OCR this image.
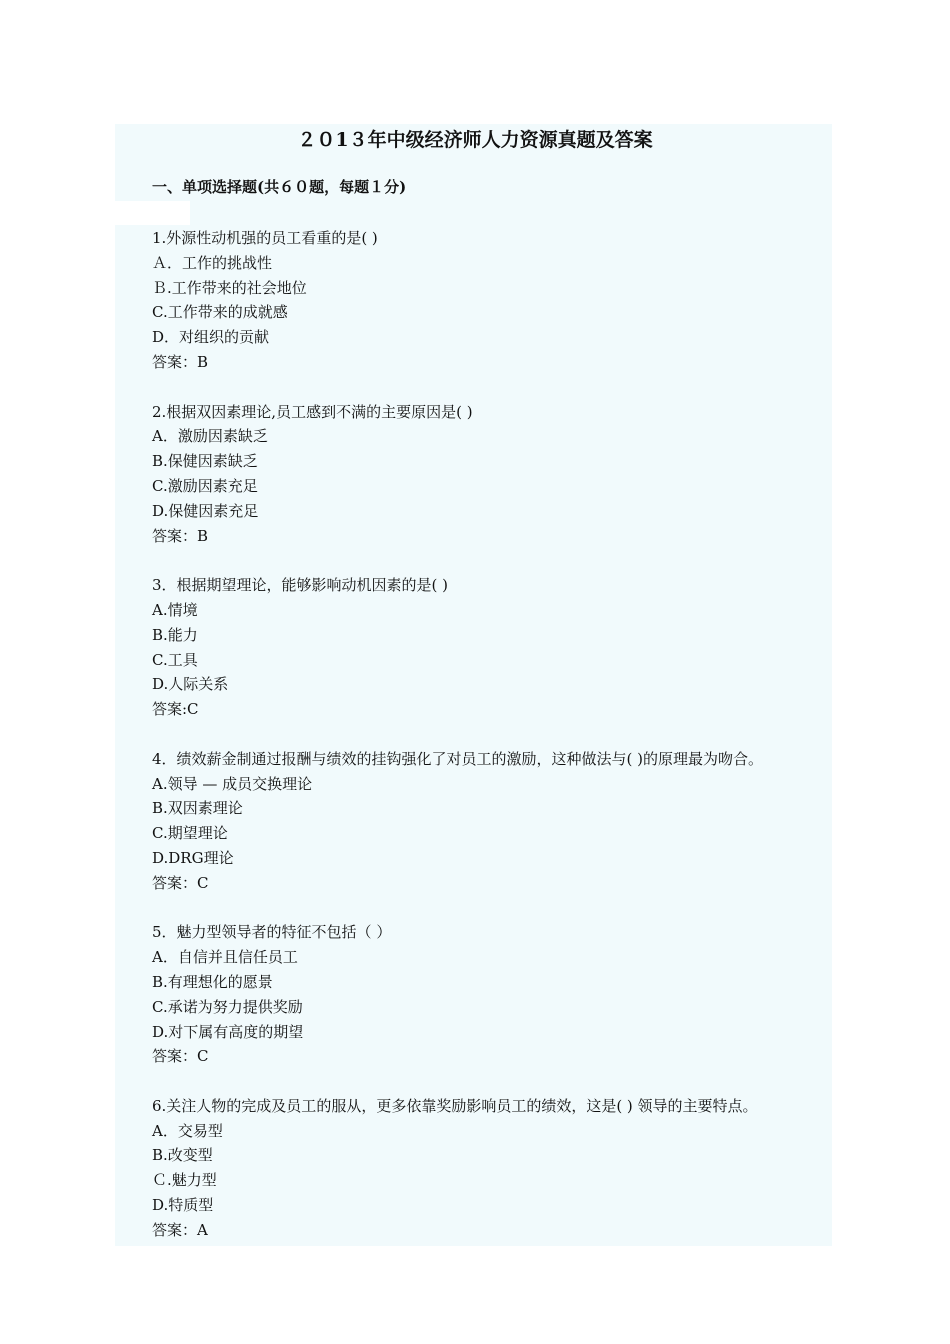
２０1３年中级经济师人力资源真题及答案
一、单项选择题(共６０题，每题１分)
1.外源性动机强的员工看重的是( )
Ａ．工作的挑战性
Ｂ.工作带来的社会地位
C.工作带来的成就感
D．对组织的贡献
答案：B
2.根据双因素理论,员工感到不满的主要原因是( )
A．激励因素缺乏
B.保健因素缺乏
C.激励因素充足
D.保健因素充足
答案：B
3．根据期望理论，能够影响动机因素的是( )
A.情境
B.能力
C.工具
D.人际关系
答案:C
4．绩效薪金制通过报酬与绩效的挂钩强化了对员工的激励，这种做法与( )的原理最为吻合。
A.领导 — 成员交换理论
B.双因素理论
C.期望理论
D.DRG理论
答案：C
5．魅力型领导者的特征不包括（ ）
A．自信并且信任员工
B.有理想化的愿景
C.承诺为努力提供奖励
D.对下属有高度的期望
答案：C
6.关注人物的完成及员工的服从，更多依靠奖励影响员工的绩效，这是( ) 领导的主要特点。
A．交易型
B.改变型
Ｃ.魅力型
D.特质型
答案：A
